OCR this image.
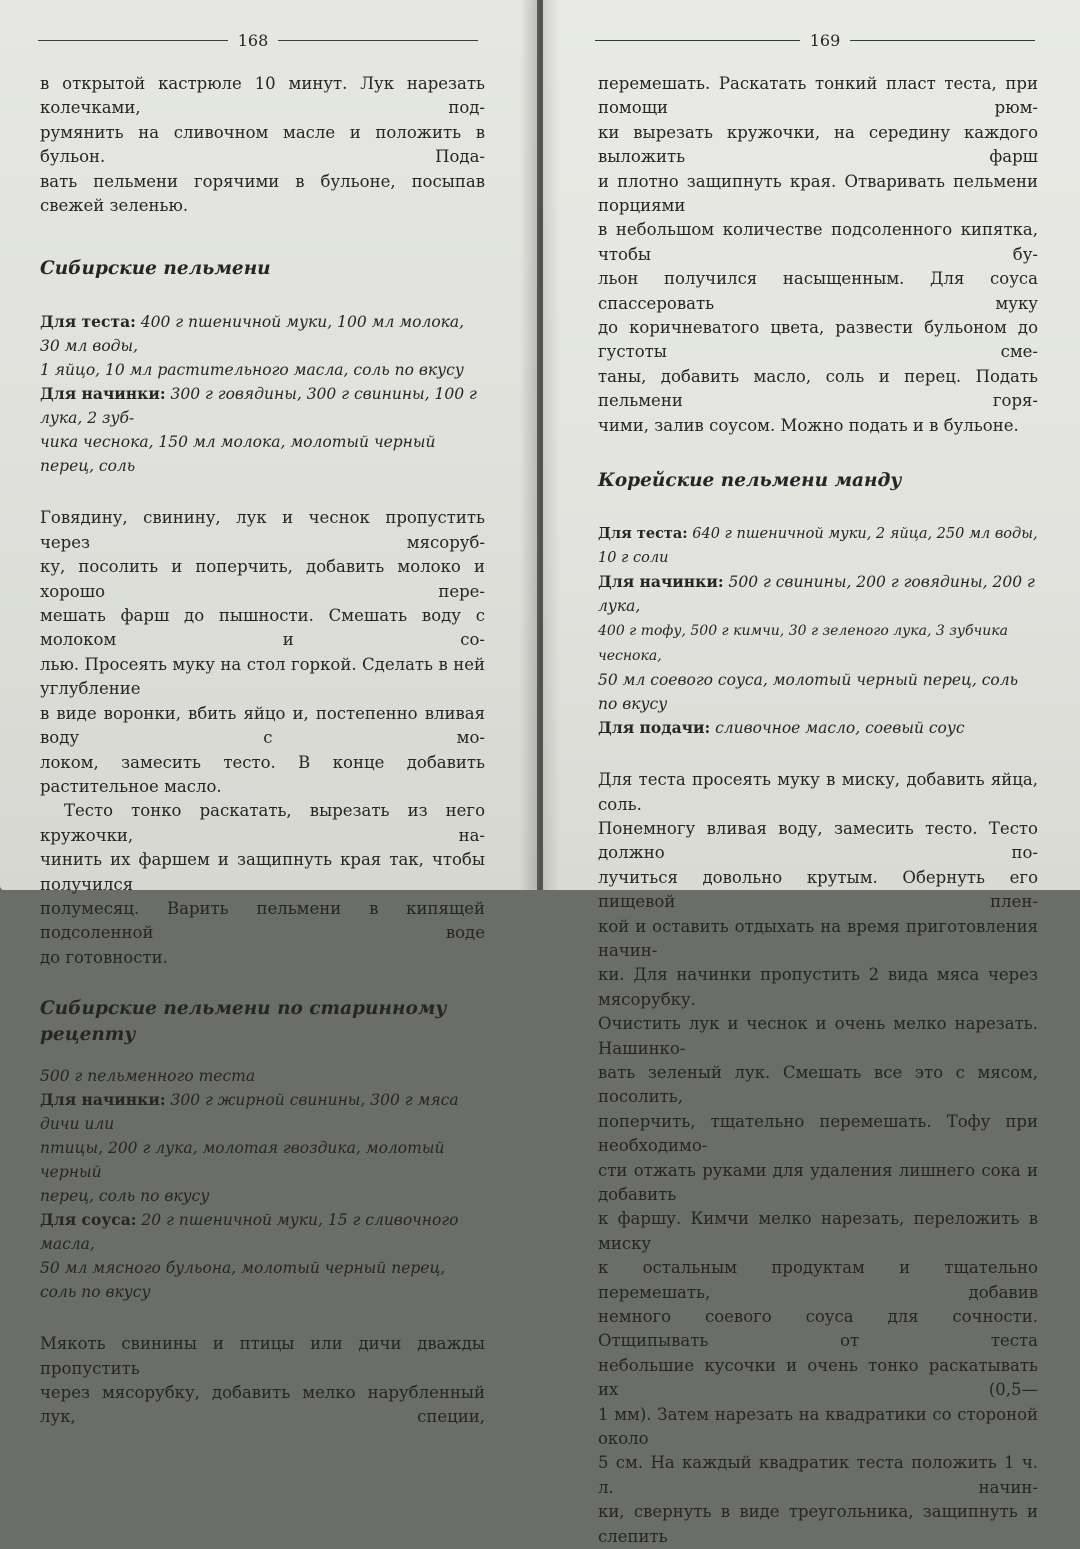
168
в открытой кастрюле 10 минут. Лук нарезать колечками, под-
румянить на сливочном масле и положить в бульон. Пода-
вать пельмени горячими в бульоне, посыпав свежей зеленью.
Сибирские пельмени
Для теста: 400 г пшеничной муки, 100 мл молока, 30 мл воды,
1 яйцо, 10 мл растительного масла, соль по вкусу
Для начинки: 300 г говядины, 300 г свинины, 100 г лука, 2 зуб-
чика чеснока, 150 мл молока, молотый черный перец, соль
Говядину, свинину, лук и чеснок пропустить через мясоруб-
ку, посолить и поперчить, добавить молоко и хорошо пере-
мешать фарш до пышности. Смешать воду с молоком и со-
лью. Просеять муку на стол горкой. Сделать в ней углубление
в виде воронки, вбить яйцо и, постепенно вливая воду с мо-
локом, замесить тесто. В конце добавить растительное масло.
Тесто тонко раскатать, вырезать из него кружочки, на-
чинить их фаршем и защипнуть края так, чтобы получился
полумесяц. Варить пельмени в кипящей подсоленной воде
до готовности.
Сибирские пельмени по старинному рецепту
500 г пельменного теста
Для начинки: 300 г жирной свинины, 300 г мяса дичи или
птицы, 200 г лука, молотая гвоздика, молотый черный
перец, соль по вкусу
Для соуса: 20 г пшеничной муки, 15 г сливочного масла,
50 мл мясного бульона, молотый черный перец, соль по вкусу
Мякоть свинины и птицы или дичи дважды пропустить
через мясорубку, добавить мелко нарубленный лук, специи,
169
перемешать. Раскатать тонкий пласт теста, при помощи рюм-
ки вырезать кружочки, на середину каждого выложить фарш
и плотно защипнуть края. Отваривать пельмени порциями
в небольшом количестве подсоленного кипятка, чтобы бу-
льон получился насыщенным. Для соуса спассеровать муку
до коричневатого цвета, развести бульоном до густоты сме-
таны, добавить масло, соль и перец. Подать пельмени горя-
чими, залив соусом. Можно подать и в бульоне.
Корейские пельмени манду
Для теста: 640 г пшеничной муки, 2 яйца, 250 мл воды, 10 г соли
Для начинки: 500 г свинины, 200 г говядины, 200 г лука,
400 г тофу, 500 г кимчи, 30 г зеленого лука, 3 зубчика чеснока,
50 мл соевого соуса, молотый черный перец, соль по вкусу
Для подачи: сливочное масло, соевый соус
Для теста просеять муку в миску, добавить яйца, соль.
Понемногу вливая воду, замесить тесто. Тесто должно по-
лучиться довольно крутым. Обернуть его пищевой плен-
кой и оставить отдыхать на время приготовления начин-
ки. Для начинки пропустить 2 вида мяса через мясорубку.
Очистить лук и чеснок и очень мелко нарезать. Нашинко-
вать зеленый лук. Смешать все это с мясом, посолить,
поперчить, тщательно перемешать. Тофу при необходимо-
сти отжать руками для удаления лишнего сока и добавить
к фаршу. Кимчи мелко нарезать, переложить в миску
к остальным продуктам и тщательно перемешать, добавив
немного соевого соуса для сочности. Отщипывать от теста
небольшие кусочки и очень тонко раскатывать их (0,5—
1 мм). Затем нарезать на квадратики со стороной около
5 см. На каждый квадратик теста положить 1 ч. л. начин-
ки, свернуть в виде треугольника, защипнуть и слепить
